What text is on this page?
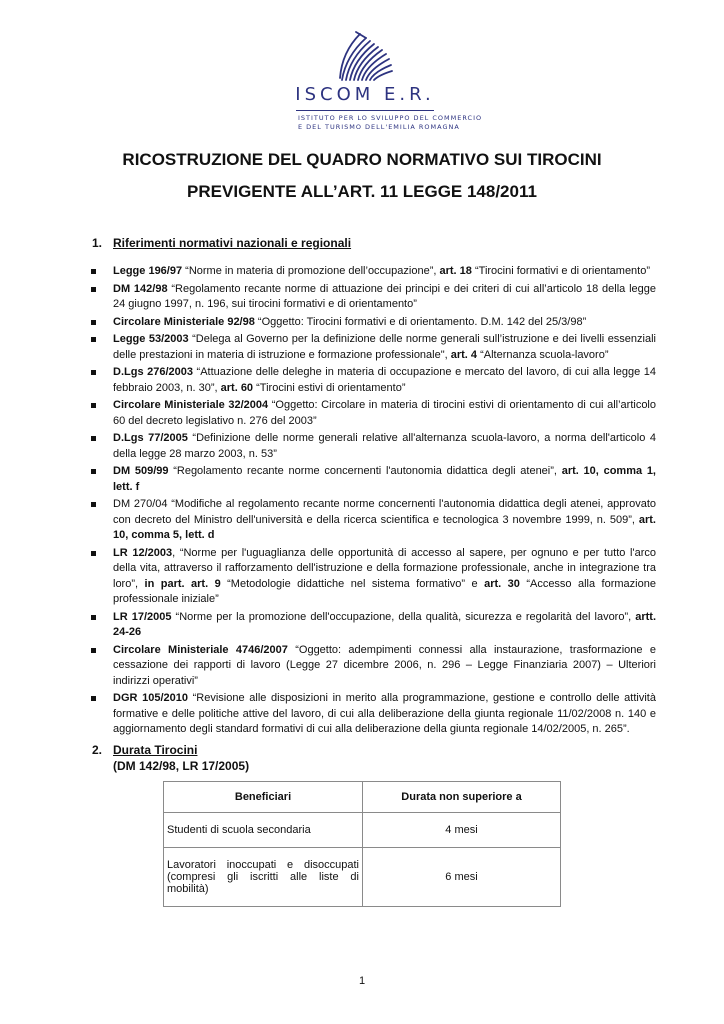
ISCOM E.R.
ISTITUTO PER LO SVILUPPO DEL COMMERCIO
E DEL TURISMO DELL'EMILIA ROMAGNA
RICOSTRUZIONE DEL QUADRO NORMATIVO SUI TIROCINI
PREVIGENTE ALL’ART. 11 LEGGE 148/2011
1. Riferimenti normativi nazionali e regionali
Legge 196/97 “Norme in materia di promozione dell’occupazione”, art. 18 “Tirocini formativi e di orientamento”
DM 142/98 “Regolamento recante norme di attuazione dei principi e dei criteri di cui all’articolo 18 della legge 24 giugno 1997, n. 196, sui tirocini formativi e di orientamento”
Circolare Ministeriale 92/98 “Oggetto: Tirocini formativi e di orientamento. D.M. 142 del 25/3/98”
Legge 53/2003 “Delega al Governo per la definizione delle norme generali sull’istruzione e dei livelli essenziali delle prestazioni in materia di istruzione e formazione professionale", art. 4 “Alternanza scuola-lavoro”
D.Lgs 276/2003 “Attuazione delle deleghe in materia di occupazione e mercato del lavoro, di cui alla legge 14 febbraio 2003, n. 30”, art. 60 “Tirocini estivi di orientamento”
Circolare Ministeriale 32/2004 “Oggetto: Circolare in materia di tirocini estivi di orientamento di cui all’articolo 60 del decreto legislativo n. 276 del 2003”
D.Lgs 77/2005 “Definizione delle norme generali relative all'alternanza scuola-lavoro, a norma dell'articolo 4 della legge 28 marzo 2003, n. 53”
DM 509/99 “Regolamento recante norme concernenti l'autonomia didattica degli atenei”, art. 10, comma 1, lett. f
DM 270/04 “Modifiche al regolamento recante norme concernenti l'autonomia didattica degli atenei, approvato con decreto del Ministro dell'università e della ricerca scientifica e tecnologica 3 novembre 1999, n. 509”, art. 10, comma 5, lett. d
LR 12/2003, “Norme per l'uguaglianza delle opportunità di accesso al sapere, per ognuno e per tutto l'arco della vita, attraverso il rafforzamento dell'istruzione e della formazione professionale, anche in integrazione tra loro”, in part. art. 9 “Metodologie didattiche nel sistema formativo” e art. 30 “Accesso alla formazione professionale iniziale”
LR 17/2005 “Norme per la promozione dell'occupazione, della qualità, sicurezza e regolarità del lavoro”, artt. 24-26
Circolare Ministeriale 4746/2007 “Oggetto: adempimenti connessi alla instaurazione, trasformazione e cessazione dei rapporti di lavoro (Legge 27 dicembre 2006, n. 296 – Legge Finanziaria 2007) – Ulteriori indirizzi operativi”
DGR 105/2010 “Revisione alle disposizioni in merito alla programmazione, gestione e controllo delle attività formative e delle politiche attive del lavoro, di cui alla deliberazione della giunta regionale 11/02/2008 n. 140 e aggiornamento degli standard formativi di cui alla deliberazione della giunta regionale 14/02/2005, n. 265”.
2. Durata Tirocini
(DM 142/98, LR 17/2005)
Beneficiari	Durata non superiore a
Studenti di scuola secondaria	4 mesi
Lavoratori inoccupati e disoccupati (compresi gli iscritti alle liste di mobilità)	6 mesi
1
